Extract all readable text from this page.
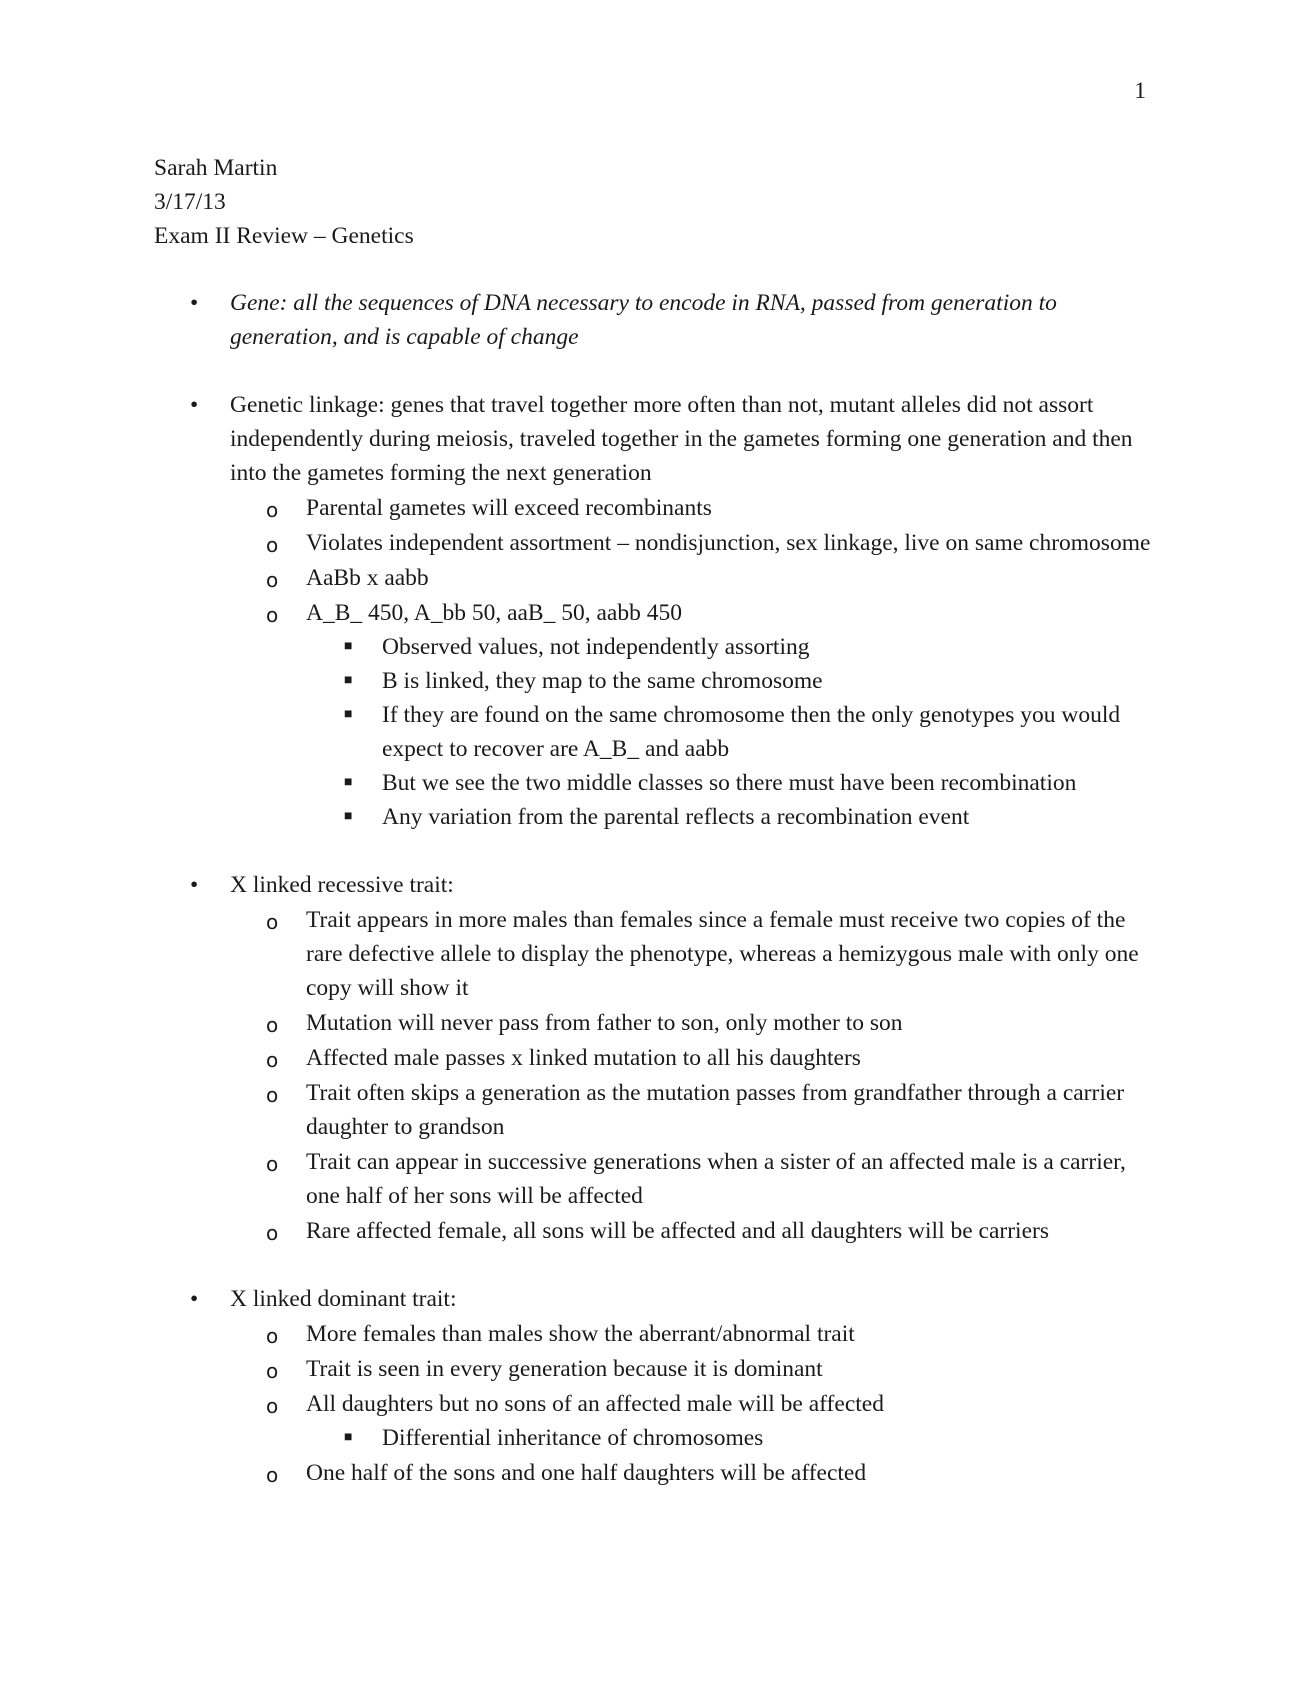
1

Sarah Martin
3/17/13
Exam II Review – Genetics
• Gene: all the sequences of DNA necessary to encode in RNA, passed from generation to generation, and is capable of change
• Genetic linkage: genes that travel together more often than not, mutant alleles did not assort independently during meiosis, traveled together in the gametes forming one generation and then into the gametes forming the next generation
o Parental gametes will exceed recombinants
o Violates independent assortment – nondisjunction, sex linkage, live on same chromosome
o AaBb x aabb
o A_B_ 450, A_bb 50, aaB_ 50, aabb 450
■ Observed values, not independently assorting
■ B is linked, they map to the same chromosome
■ If they are found on the same chromosome then the only genotypes you would expect to recover are A_B_ and aabb
■ But we see the two middle classes so there must have been recombination
■ Any variation from the parental reflects a recombination event
• X linked recessive trait:
o Trait appears in more males than females since a female must receive two copies of the rare defective allele to display the phenotype, whereas a hemizygous male with only one copy will show it
o Mutation will never pass from father to son, only mother to son
o Affected male passes x linked mutation to all his daughters
o Trait often skips a generation as the mutation passes from grandfather through a carrier daughter to grandson
o Trait can appear in successive generations when a sister of an affected male is a carrier, one half of her sons will be affected
o Rare affected female, all sons will be affected and all daughters will be carriers
• X linked dominant trait:
o More females than males show the aberrant/abnormal trait
o Trait is seen in every generation because it is dominant
o All daughters but no sons of an affected male will be affected
■ Differential inheritance of chromosomes
o One half of the sons and one half daughters will be affected
